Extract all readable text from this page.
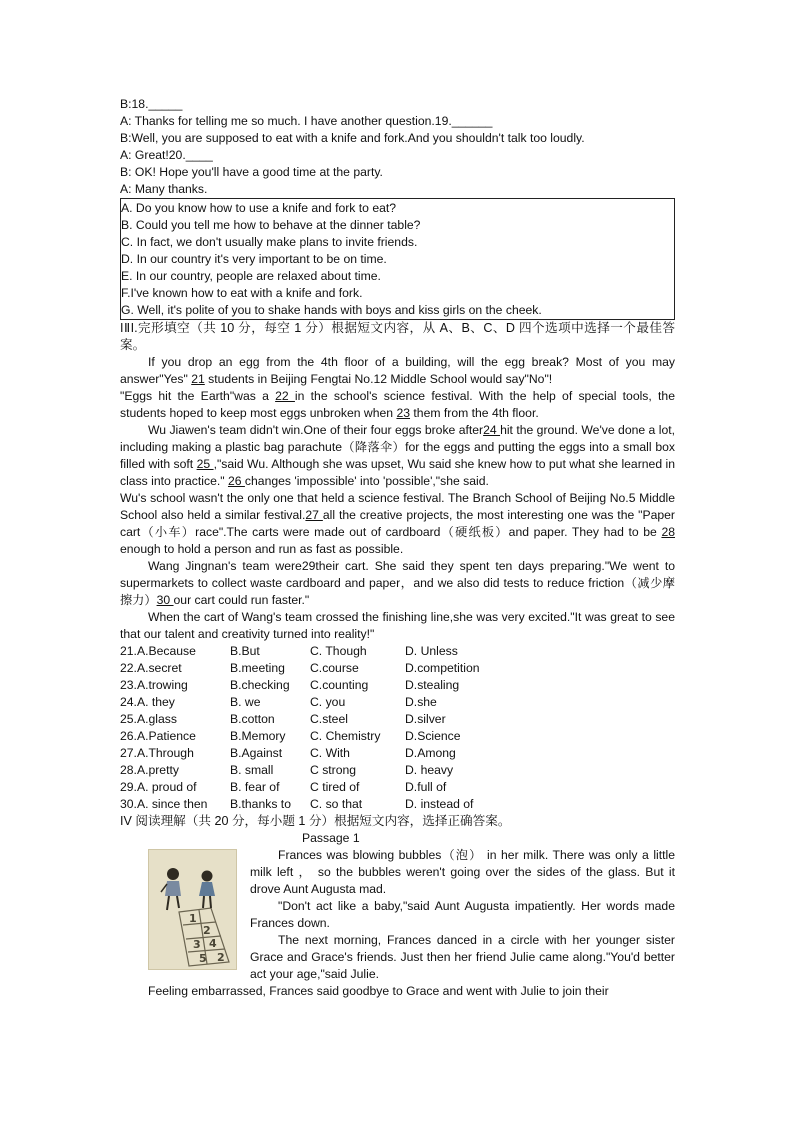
B:18._____
A: Thanks for telling me so much. I have another question.19.______
B:Well, you are supposed to eat with a knife and fork.And you shouldn't talk too loudly.
A: Great!20.____
B: OK! Hope you'll have a good time at the party.
A: Many thanks.
A. Do you know how to use a knife and fork to eat?
B. Could you tell me how to behave at the dinner table?
C. In fact, we don't usually make plans to invite friends.
D. In our country it's very important to be on time.
E. In our country, people are relaxed about time.
F.I've known how to eat with a knife and fork.
G. Well, it's polite of you to shake hands with boys and kiss girls on the cheek.
IⅡI.完形填空（共 10 分，每空 1 分）根据短文内容，从 A、B、C、D 四个选项中选择一个最佳答案。
If you drop an egg from the 4th floor of a building, will the egg break? Most of you may answer"Yes" 21 students in Beijing Fengtai No.12 Middle School would say"No"!
"Eggs hit the Earth"was a 22 in the school's science festival. With the help of special tools, the students hoped to keep most eggs unbroken when 23 them from the 4th floor.
Wu Jiawen's team didn't win.One of their four eggs broke after24 hit the ground. We've done a lot, including making a plastic bag parachute（降落伞）for the eggs and putting the eggs into a small box filled with soft 25 ,"said Wu. Although she was upset, Wu said she knew how to put what she learned in class into practice." 26 changes 'impossible' into 'possible',"she said.
Wu's school wasn't the only one that held a science festival. The Branch School of Beijing No.5 Middle School also held a similar festival.27 all the creative projects, the most interesting one was the "Paper cart（小车）race".The carts were made out of cardboard（硬纸板）and paper. They had to be 28 enough to hold a person and run as fast as possible.
Wang Jingnan's team were29their cart. She said they spent ten days preparing."We went to supermarkets to collect waste cardboard and paper，and we also did tests to reduce friction（减少摩擦力）30 our cart could run faster."
When the cart of Wang's team crossed the finishing line,she was very excited."It was great to see that our talent and creativity turned into reality!"
21.A.Because	B.But	C. Though	D. Unless
22.A.secret	B.meeting	C.course	D.competition
23.A.trowing	B.checking	C.counting	D.stealing
24.A. they	B. we	C. you	D.she
25.A.glass	B.cotton	C.steel	D.silver
26.A.Patience	B.Memory	C. Chemistry	D.Science
27.A.Through	B.Against	C. With	D.Among
28.A.pretty	B. small	C strong	D. heavy
29.A. proud of	B. fear of	C tired of	D.full of
30.A. since then	B.thanks to	C. so that	D. instead of
IV 阅读理解（共 20 分，每小题 1 分）根据短文内容，选择正确答案。
Passage 1
1
2
3 4
5 2
Frances was blowing bubbles（泡） in her milk. There was only a little milk left ， so the bubbles weren't going over the sides of the glass. But it drove Aunt Augusta mad.
"Don't act like a baby,"said Aunt Augusta impatiently. Her words made Frances down.
The next morning, Frances danced in a circle with her younger sister Grace and Grace's friends. Just then her friend Julie came along."You'd better act your age,"said Julie.
Feeling embarrassed, Frances said goodbye to Grace and went with Julie to join their
